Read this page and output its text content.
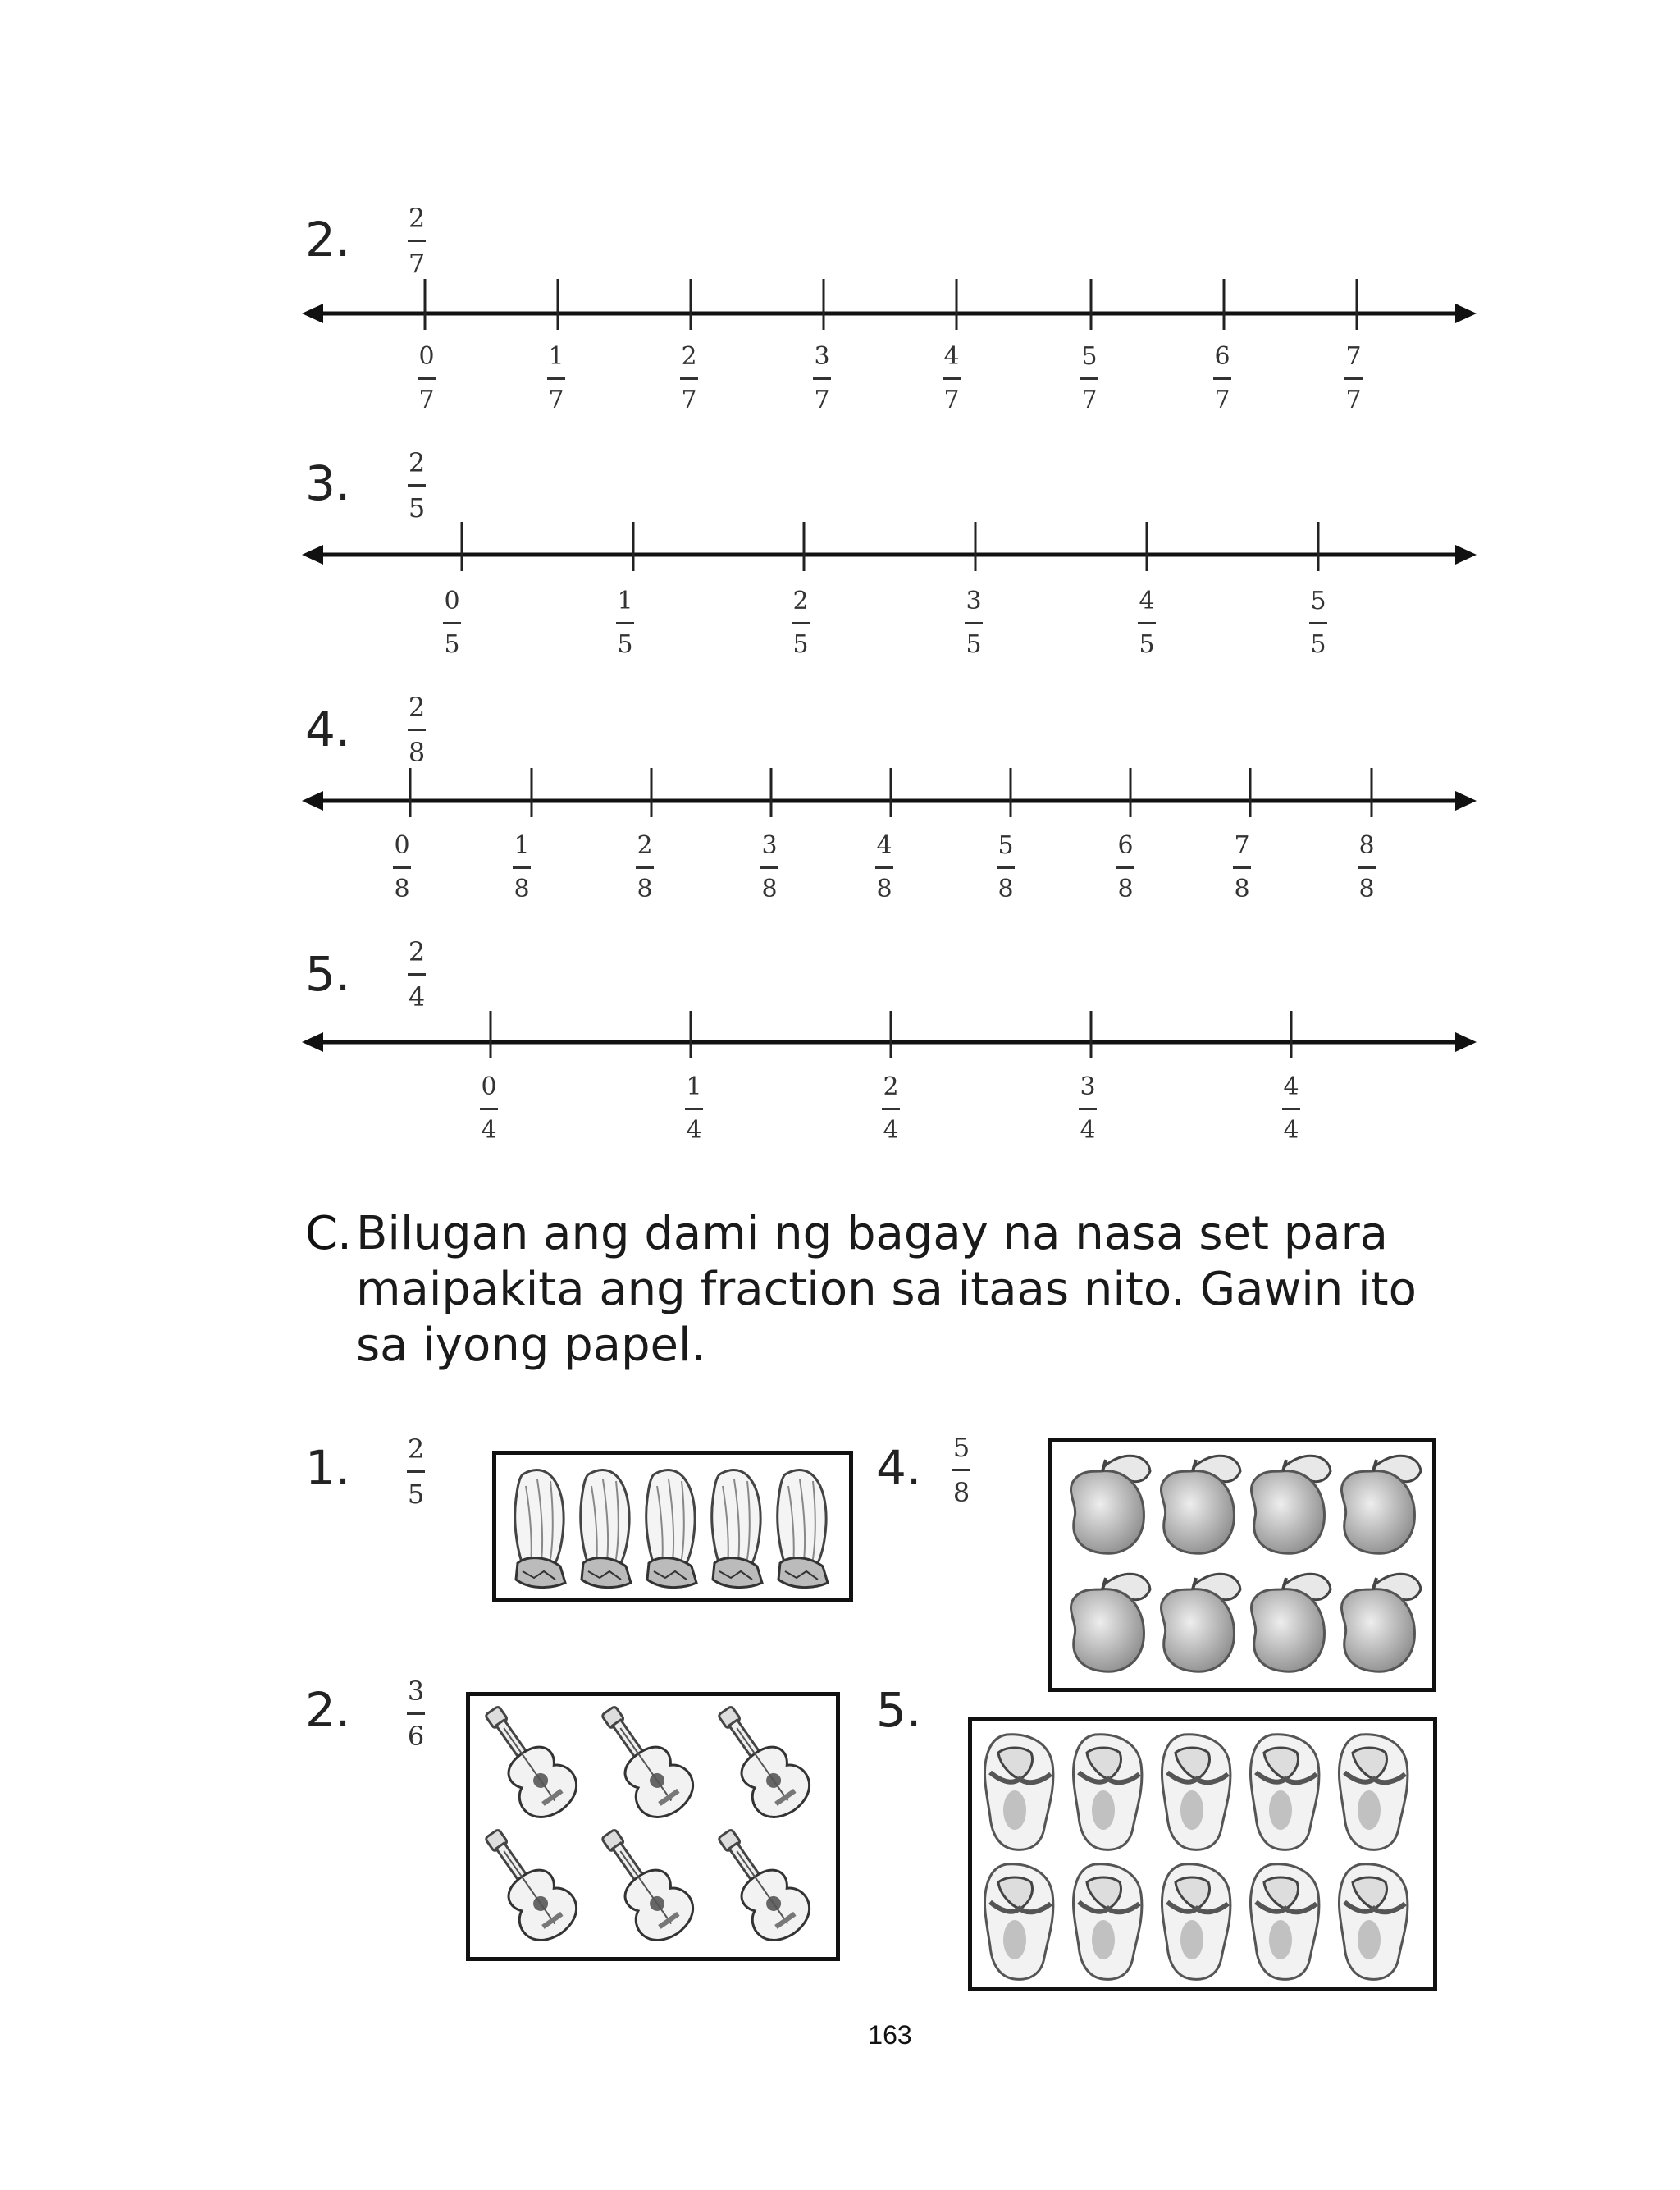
2.	2
7
0
7
1
7
2
7
3
7
4
7
5
7
6
7
7
7
3.	2
5
0
5
1
5
2
5
3
5
4
5
5
5
4.	2
8
0
8
1
8
2
8
3
8
4
8
5
8
6
8
7
8
8
8
5.	2
4
0
4
1
4
2
4
3
4
4
4
C. Bilugan ang dami ng bagay na nasa set para maipakita ang fraction sa itaas nito. Gawin ito sa iyong papel.
1.	2
5
2.	3
6
4.	5
8
5.
163
